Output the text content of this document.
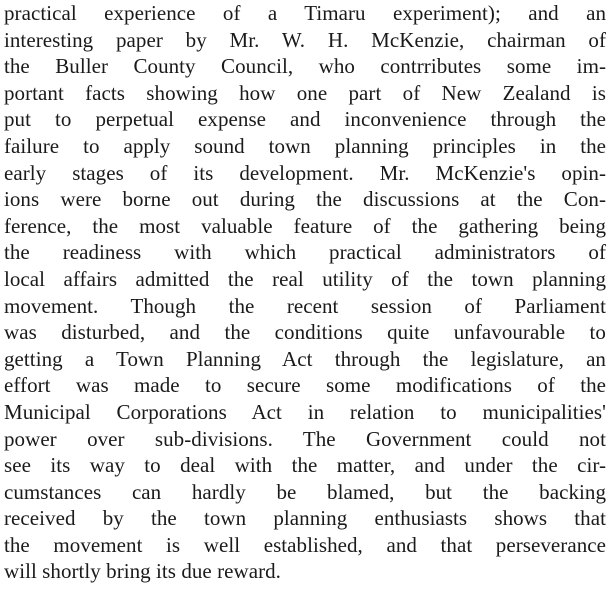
practical experience of a Timaru experiment); and an
interesting paper by Mr. W. H. McKenzie, chairman of
the Buller County Council, who contrributes some im-
portant facts showing how one part of New Zealand is
put to perpetual expense and inconvenience through the
failure to apply sound town planning principles in the
early stages of its development. Mr. McKenzie's opin-
ions were borne out during the discussions at the Con-
ference, the most valuable feature of the gathering being
the readiness with which practical administrators of
local affairs admitted the real utility of the town planning
movement. Though the recent session of Parliament
was disturbed, and the conditions quite unfavourable to
getting a Town Planning Act through the legislature, an
effort was made to secure some modifications of the
Municipal Corporations Act in relation to municipalities'
power over sub-divisions. The Government could not
see its way to deal with the matter, and under the cir-
cumstances can hardly be blamed, but the backing
received by the town planning enthusiasts shows that
the movement is well established, and that perseverance
will shortly bring its due reward.
